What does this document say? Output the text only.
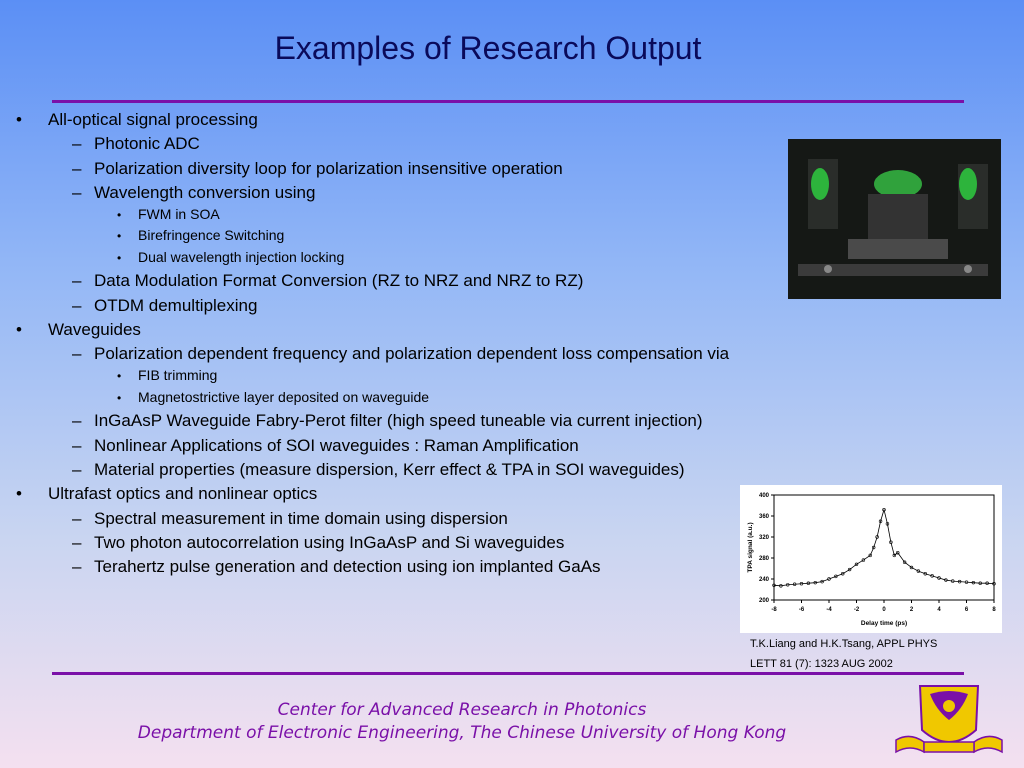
Examples of Research Output
• All-optical signal processing
– Photonic ADC
– Polarization diversity loop for polarization insensitive operation
– Wavelength conversion using
• FWM in SOA
• Birefringence Switching
• Dual wavelength injection locking
– Data Modulation Format Conversion (RZ to NRZ and NRZ to RZ)
– OTDM demultiplexing
• Waveguides
– Polarization dependent frequency and polarization dependent loss compensation via
• FIB trimming
• Magnetostrictive layer deposited on waveguide
– InGaAsP Waveguide Fabry-Perot filter (high speed tuneable via current injection)
– Nonlinear Applications of SOI waveguides : Raman Amplification
– Material properties (measure dispersion, Kerr effect & TPA in SOI waveguides)
• Ultrafast optics and nonlinear optics
– Spectral measurement in time domain using dispersion
– Two photon autocorrelation using InGaAsP and Si waveguides
– Terahertz pulse generation and detection using ion implanted GaAs
-8	-6	-4	-2	0	2	4	6	8
200
240
280
320
360
400
Delay time (ps)
TPA signal (a.u.)
T.K.Liang and H.K.Tsang, APPL PHYS
LETT 81 (7): 1323 AUG 2002
Center for Advanced Research in Photonics
Department of Electronic Engineering, The Chinese University of Hong Kong
